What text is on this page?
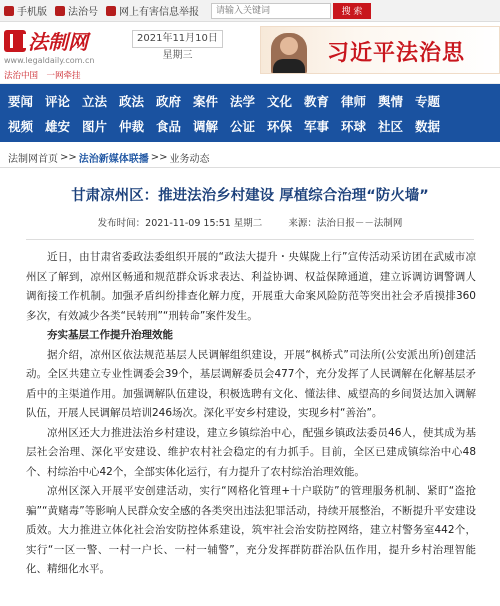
手机版 法治号 网上有害信息举报
请输入关键词	搜 索
法制网
www.legaldaily.com.cn
法治中国　一网牵挂
2021年11月10日
星期三	习近平法治思
要闻 评论 立法 政法 政府 案件 法学 文化 教育 律师 舆情 专题
视频 雄安 图片 仲裁 食品 调解 公证 环保 军事 环球 社区 数据
法制网首页 >> 法治新媒体联播 >> 业务动态
甘肃凉州区：推进法治乡村建设 厚植综合治理“防火墙”
发布时间：2021-11-09 15:51 星期二	来源：法治日报－－法制网

近日，由甘肃省委政法委组织开展的“政法大提升・央媒陇上行”宣传活动采访团在武威市凉州区了解到，凉州区畅通和规范群众诉求表达、利益协调、权益保障通道，建立诉调访调警调人调衔接工作机制。加强矛盾纠纷排查化解力度，开展重大命案风险防范等突出社会矛盾摸排360多次，有效减少各类“民转刑”“刑转命”案件发生。

夯实基层工作提升治理效能

据介绍，凉州区依法规范基层人民调解组织建设，开展“枫桥式”司法所(公安派出所)创建活动。全区共建立专业性调委会39个，基层调解委员会477个，充分发挥了人民调解在化解基层矛盾中的主渠道作用。加强调解队伍建设，积极选聘有文化、懂法律、威望高的乡间贤达加入调解队伍，开展人民调解员培训246场次。深化平安乡村建设，实现乡村“善治”。

凉州区还大力推进法治乡村建设，建立乡镇综治中心，配强乡镇政法委员46人，使其成为基层社会治理、深化平安建设、维护农村社会稳定的有力抓手。目前，全区已建成镇综治中心48个、村综治中心42个，全部实体化运行，有力提升了农村综治治理效能。

凉州区深入开展平安创建活动，实行“网格化管理+十户联防”的管理服务机制、紧盯“盗抢骗”“黄赌毒”等影响人民群众安全感的各类突出违法犯罪活动，持续开展整治，不断提升平安建设质效。大力推进立体化社会治安防控体系建设，筑牢社会治安防控网络，建立村警务室442个，实行“一区一警、一村一户长、一村一辅警”，充分发挥群防群治队伍作用，提升乡村治理智能化、精细化水平。
